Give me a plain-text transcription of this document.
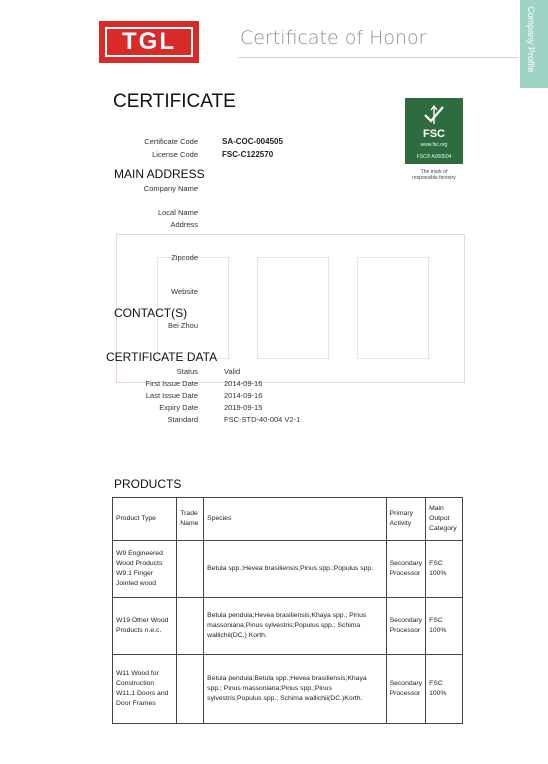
TGL	Certificate of Honor	Company Profile
CERTIFICATE
Certificate Code	SA-COC-004505
License Code	FSC-C122570
FSC
www.fsc.org
FSC® A000504
The mark of
responsible forestry
MAIN ADDRESS
Company Name
Local Name
Address
Zipcode
Website
CONTACT(S)
Bei Zhou
CERTIFICATE DATA
Status	Valid
First Issue Date	2014-09-16
Last Issue Date	2014-09-16
Expiry Date	2019-09-15
Standard	FSC-STD-40-004 V2-1
PRODUCTS
Product Type	Trade Name	Species	Primary Activity	Main Output Category
W9 Engineered Wood Products W9.1 Finger Jointed wood		Betula spp.;Hevea brasiliensis;Pinus spp.;Populus spp.	Secondary Processor	FSC 100%
W19 Other Wood Products n.e.c.		Betula pendula;Hevea brasiliensis;Khaya spp.; Pinus massoniana;Pinus sylvestris;Populus spp.; Schima wallichii(DC.) Korth.	Secondary Processor	FSC 100%
W11 Wood for Construction W11.1 Doors and Door Frames		Betula pendula;Betula spp.;Hevea brasiliensis;Khaya spp.; Pinus massoniana;Pinus spp.;Pinus sylvestris;Populus spp.; Schima wallichii(DC.)Korth.	Secondary Processor	FSC 100%
